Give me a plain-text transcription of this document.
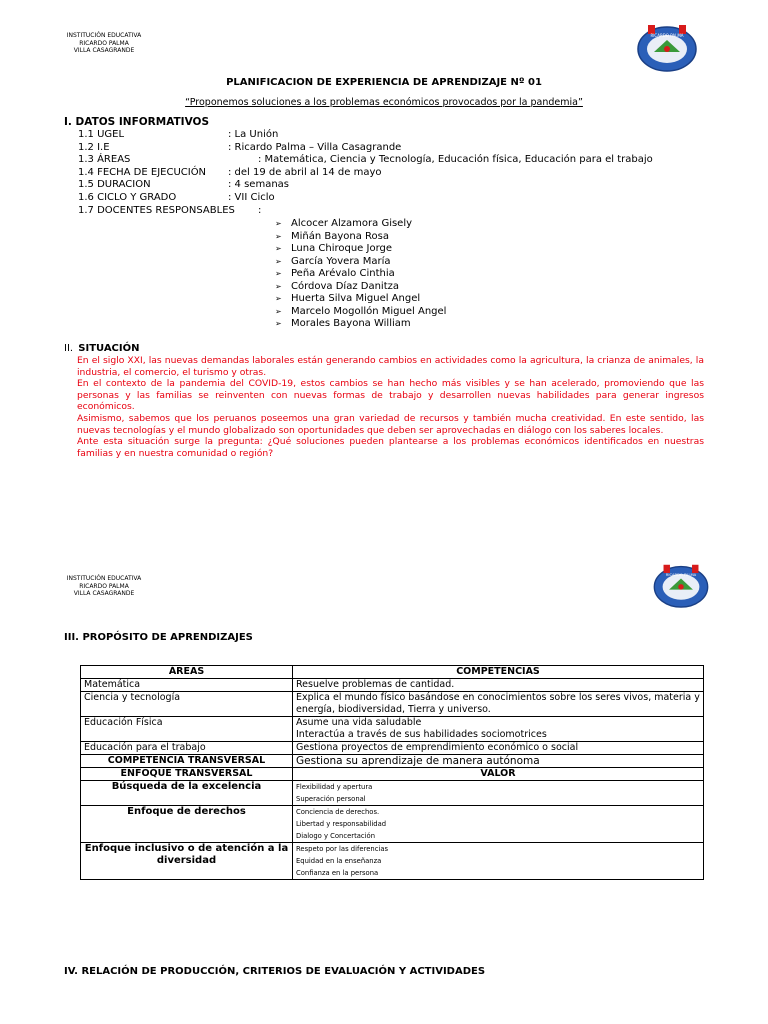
INSTITUCIÓN EDUCATIVA
RICARDO PALMA
VILLA CASAGRANDE
RICARDO PALMA
PLANIFICACION DE EXPERIENCIA DE APRENDIZAJE Nº 01
“Proponemos soluciones a los problemas económicos provocados por la pandemia”
I. DATOS INFORMATIVOS
1.1 UGEL	: La Unión
1.2 I.E	: Ricardo Palma – Villa Casagrande
1.3 ÁREAS	: Matemática, Ciencia y Tecnología, Educación física, Educación para el trabajo
1.4 FECHA DE EJECUCIÓN : del 19 de abril al 14 de mayo
1.5 DURACION	: 4 semanas
1.6 CICLO Y GRADO	: VII Ciclo
1.7 DOCENTES RESPONSABLES :
➢ Alcocer Alzamora Gisely
➢ Miñán Bayona Rosa
➢ Luna Chiroque Jorge
➢ García Yovera María
➢ Peña Arévalo Cinthia
➢ Córdova Díaz Danitza
➢ Huerta Silva Miguel Angel
➢ Marcelo Mogollón Miguel Angel
➢ Morales Bayona William
II. SITUACIÓN

En el siglo XXI, las nuevas demandas laborales están generando cambios en actividades como la agricultura, la crianza de animales, la industria, el comercio, el turismo y otras.

En el contexto de la pandemia del COVID-19, estos cambios se han hecho más visibles y se han acelerado, promoviendo que las personas y las familias se reinventen con nuevas formas de trabajo y desarrollen nuevas habilidades para generar ingresos económicos.

Asimismo, sabemos que los peruanos poseemos una gran variedad de recursos y también mucha creatividad. En este sentido, las nuevas tecnologías y el mundo globalizado son oportunidades que deben ser aprovechadas en diálogo con los saberes locales.

Ante esta situación surge la pregunta: ¿Qué soluciones pueden plantearse a los problemas económicos identificados en nuestras familias y en nuestra comunidad o región?

INSTITUCIÓN EDUCATIVA
RICARDO PALMA
VILLA CASAGRANDE
RICARDO PALMA
III. PROPÓSITO DE APRENDIZAJES
ÁREAS	COMPETENCIAS
Matemática	Resuelve problemas de cantidad.
Ciencia y tecnología	Explica el mundo físico basándose en conocimientos sobre los seres vivos, materia y energía, biodiversidad, Tierra y universo.
Educación Física	Asume una vida saludable
Interactúa a través de sus habilidades sociomotrices

Educación para el trabajo	Gestiona proyectos de emprendimiento económico o social
COMPETENCIA TRANSVERSAL	Gestiona su aprendizaje de manera autónoma
ENFOQUE TRANSVERSAL	VALOR
Búsqueda de la excelencia	Flexibilidad y apertura
Superación personal

Enfoque de derechos	Conciencia de derechos.
Libertad y responsabilidad
Dialogo y Concertación

Enfoque inclusivo o de atención a la diversidad	Respeto por las diferencias
Equidad en la enseñanza
Confianza en la persona
IV. RELACIÓN DE PRODUCCIÓN, CRITERIOS DE EVALUACIÓN Y ACTIVIDADES
